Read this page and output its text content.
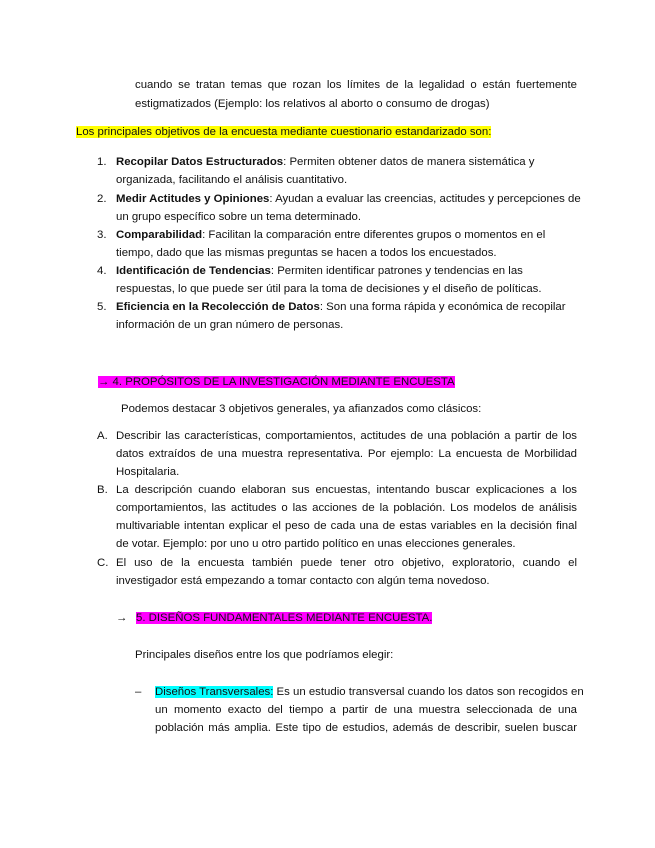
cuando se tratan temas que rozan los límites de la legalidad o están fuertemente
estigmatizados (Ejemplo: los relativos al aborto o consumo de drogas)
Los principales objetivos de la encuesta mediante cuestionario estandarizado son:
1. Recopilar Datos Estructurados: Permiten obtener datos de manera sistemática y
organizada, facilitando el análisis cuantitativo.
2. Medir Actitudes y Opiniones: Ayudan a evaluar las creencias, actitudes y percepciones de
un grupo específico sobre un tema determinado.
3. Comparabilidad: Facilitan la comparación entre diferentes grupos o momentos en el
tiempo, dado que las mismas preguntas se hacen a todos los encuestados.
4. Identificación de Tendencias: Permiten identificar patrones y tendencias en las
respuestas, lo que puede ser útil para la toma de decisiones y el diseño de políticas.
5. Eficiencia en la Recolección de Datos: Son una forma rápida y económica de recopilar
información de un gran número de personas.
→ 4. PROPÓSITOS DE LA INVESTIGACIÓN MEDIANTE ENCUESTA
Podemos destacar 3 objetivos generales, ya afianzados como clásicos:
A. Describir las características, comportamientos, actitudes de una población a partir de los
datos extraídos de una muestra representativa. Por ejemplo: La encuesta de Morbilidad
Hospitalaria.
B. La descripción cuando elaboran sus encuestas, intentando buscar explicaciones a los
comportamientos, las actitudes o las acciones de la población. Los modelos de análisis
multivariable intentan explicar el peso de cada una de estas variables en la decisión final
de votar. Ejemplo: por uno u otro partido político en unas elecciones generales.
C. El uso de la encuesta también puede tener otro objetivo, exploratorio, cuando el
investigador está empezando a tomar contacto con algún tema novedoso.
→ 5. DISEÑOS FUNDAMENTALES MEDIANTE ENCUESTA.
Principales diseños entre los que podríamos elegir:
– Diseños Transversales: Es un estudio transversal cuando los datos son recogidos en
un momento exacto del tiempo a partir de una muestra seleccionada de una
población más amplia. Este tipo de estudios, además de describir, suelen buscar
